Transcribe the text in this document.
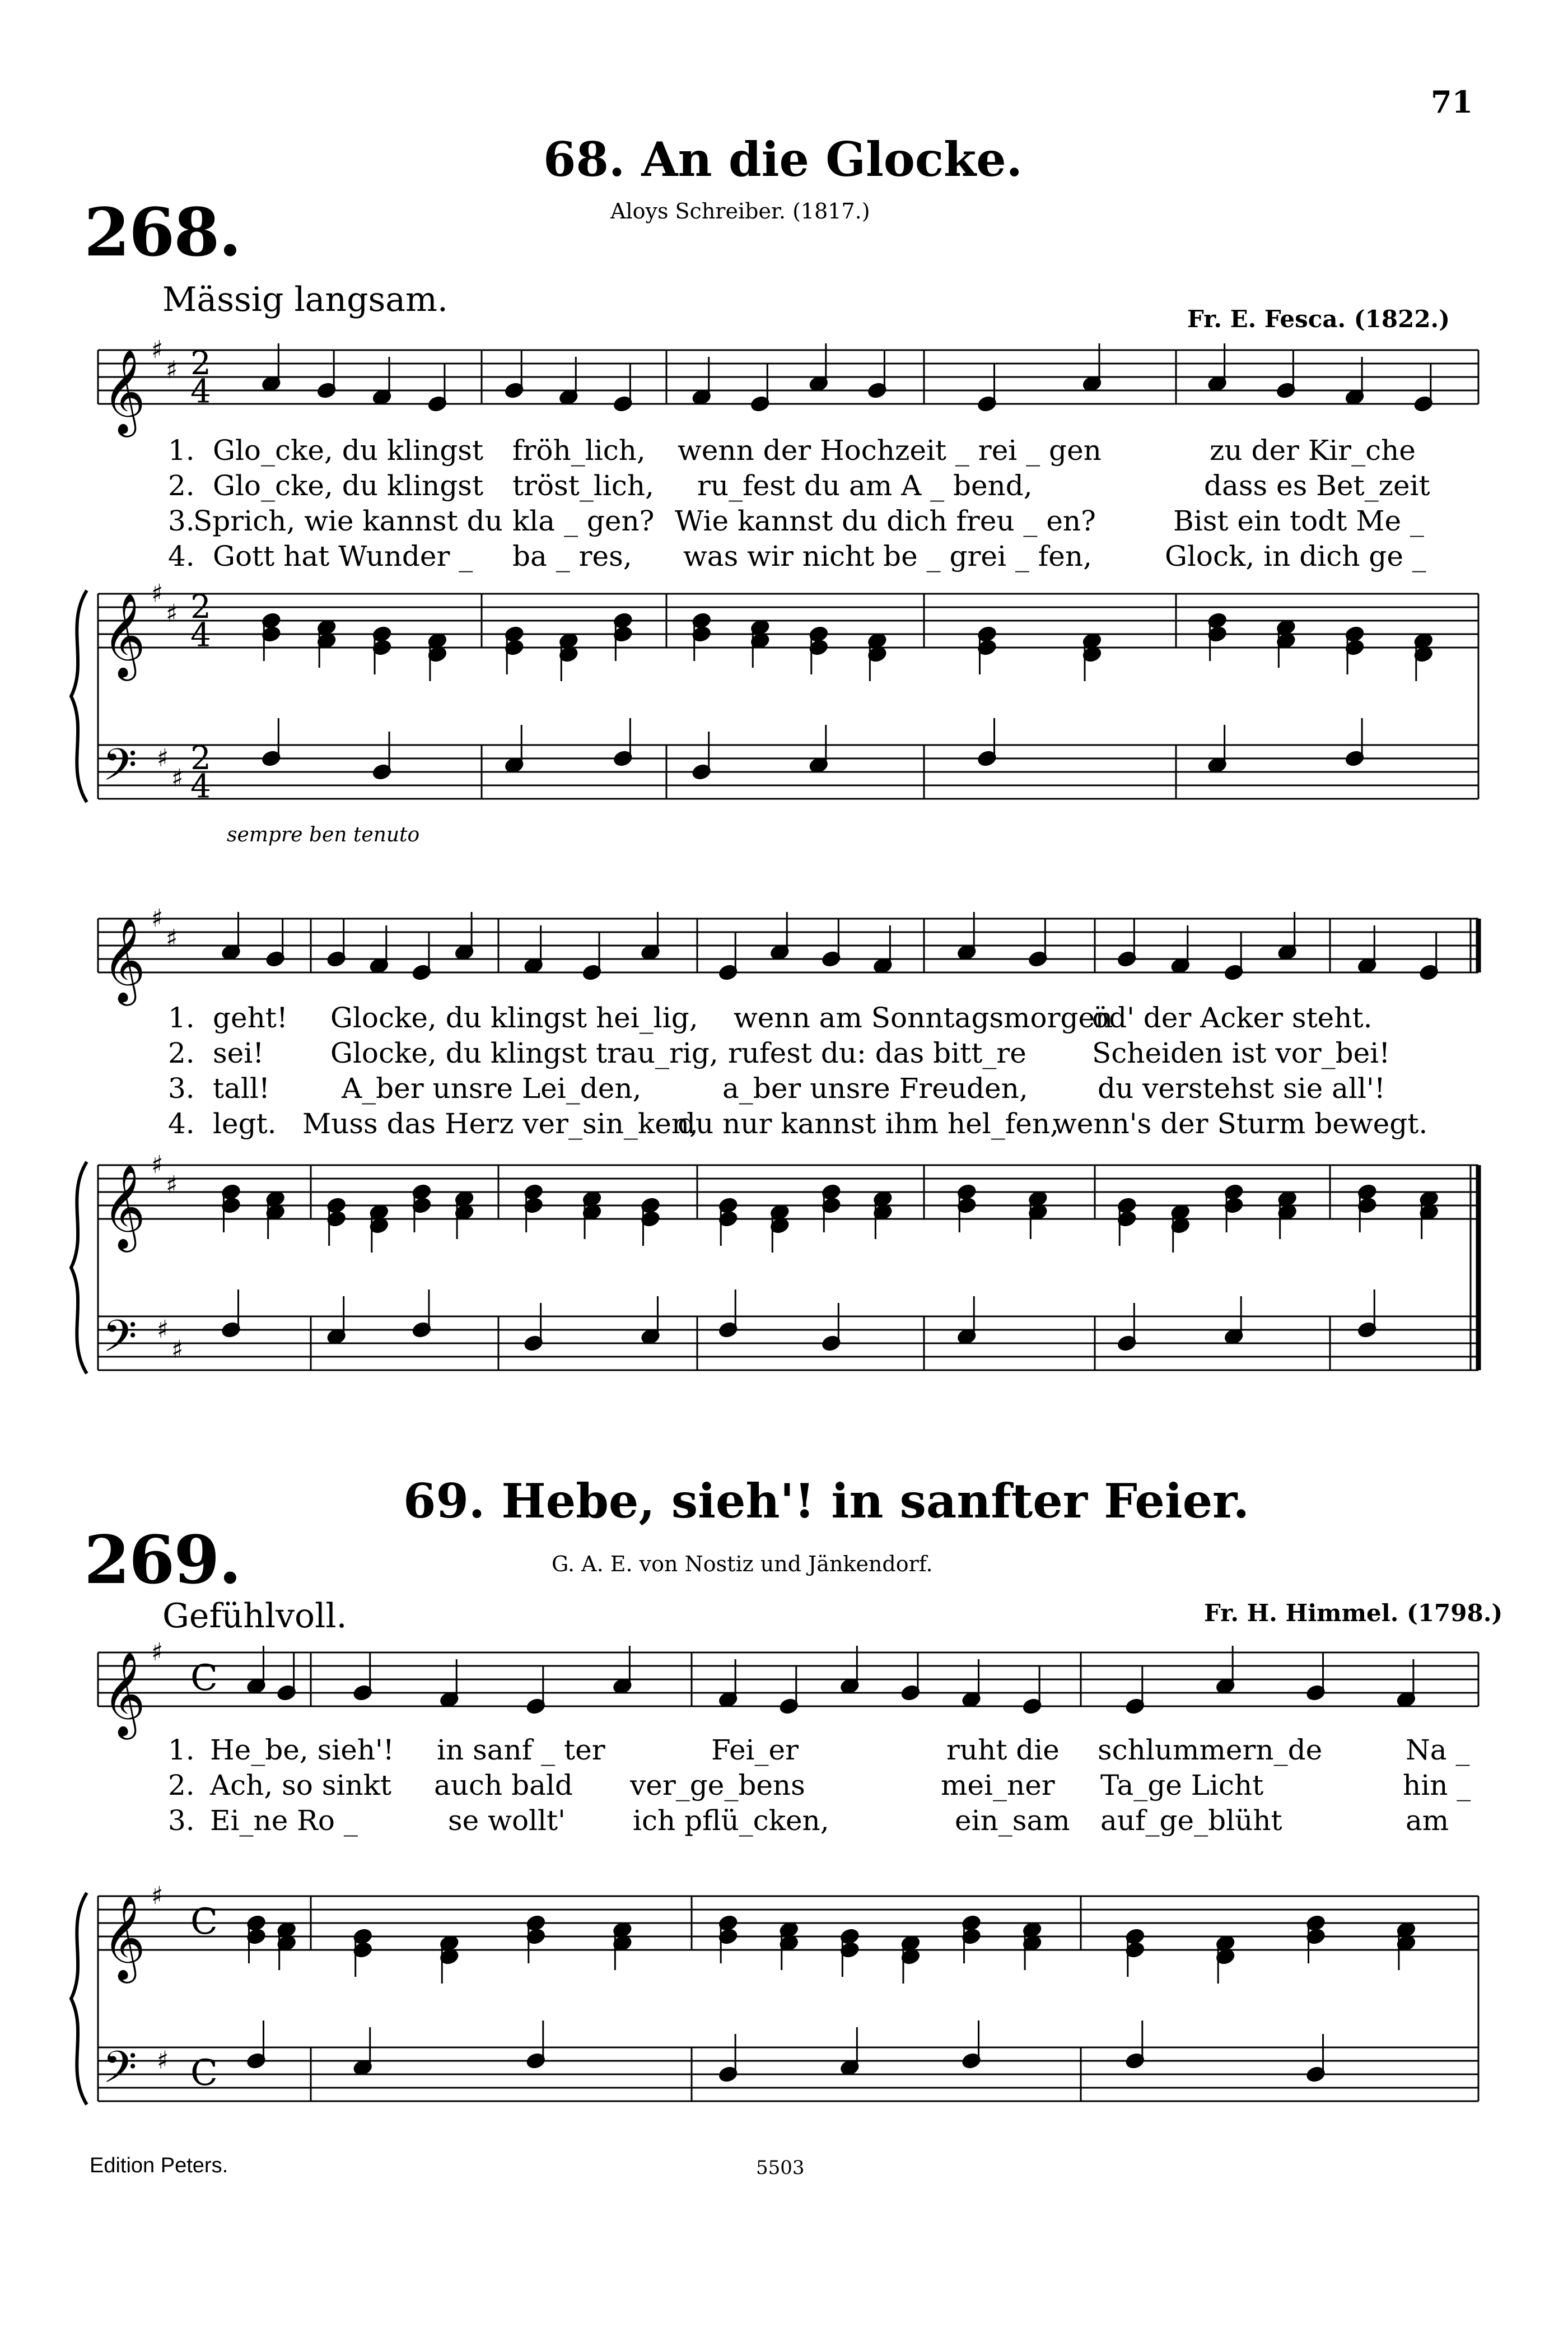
71
68. An die Glocke.
268.	Aloys Schreiber. (1817.)
Mässig langsam.	Fr. E. Fesca. (1822.)
1. Glo_cke, du klingst fröh_lich, wenn der Hochzeit _ rei _ gen	zu der Kir_che
2. Glo_cke, du klingst tröst_lich, ru_fest du am A _ bend,	dass es Bet_zeit
3.
Sprich, wie kannst du kla _ gen? Wie kannst du dich freu _ en?	Bist ein todt Me _
4. Gott hat Wunder _ ba _ res, was wir nicht be _ grei _ fen,	Glock, in dich ge _
sempre ben tenuto
1. geht! Glocke, du klingst hei_lig, wenn am Sonntagsmorgen
öd' der Acker steht.
2. sei! Glocke, du klingst trau_rig, rufest du: das bitt_re Scheiden ist vor_bei!
3. tall!	A_ber unsre Lei_den,	a_ber unsre Freuden, du verstehst sie all'!
4. legt. Muss das Herz ver_sin_ken,
du nur kannst ihm hel_fen,
wenn's der Sturm bewegt.
69. Hebe, sieh'! in sanfter Feier.
269.	G. A. E. von Nostiz und Jänkendorf.
Gefühlvoll.	Fr. H. Himmel. (1798.)
1. He_be, sieh'! in sanf _ ter	Fei_er	ruht die schlummern_de	Na _
2. Ach, so sinkt auch bald ver_ge_bens	mei_ner Ta_ge Licht	hin _
3. Ei_ne Ro _	se wollt' ich pflü_cken,	ein_sam auf_ge_blüht	am
Edition Peters.	5503
𝄞 ♯
♯ 2
4
𝄞 ♯
♯ 2
4
𝄢 ♯
♯
2
4
𝄞 ♯
♯
𝄞 ♯
♯
𝄢 ♯
♯
𝄞 ♯
C
𝄞 ♯
C
𝄢 ♯ C
